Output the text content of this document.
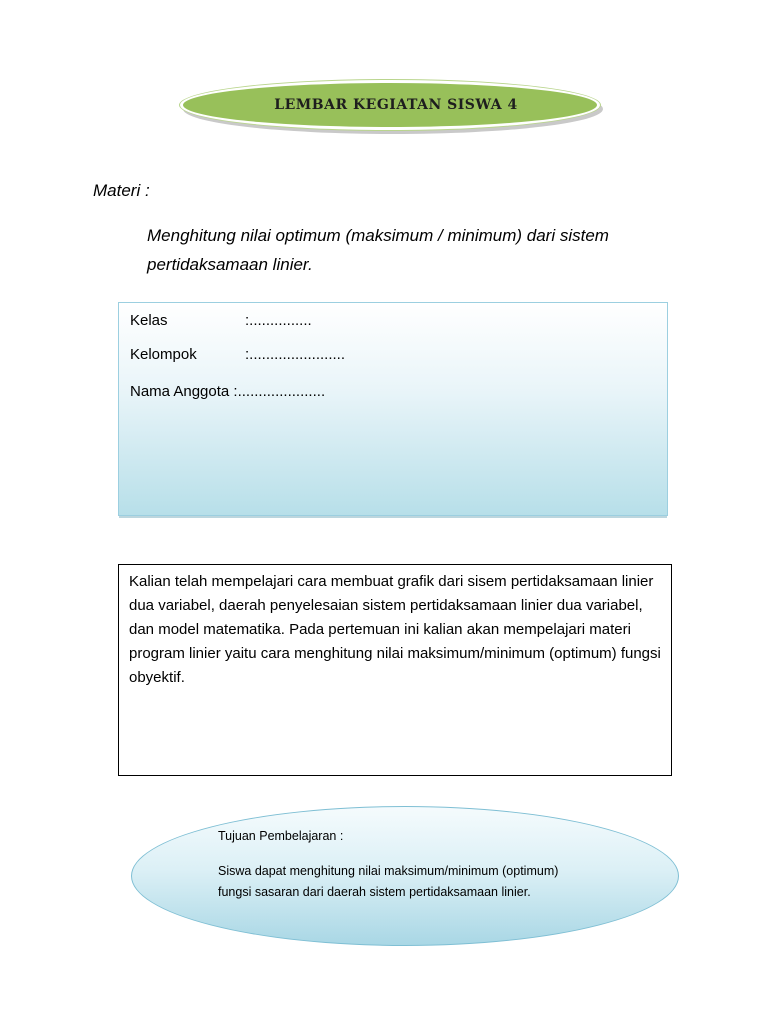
LEMBAR KEGIATAN SISWA 4
Materi :
Menghitung nilai optimum (maksimum / minimum) dari sistem pertidaksamaan linier.
Kelas	:...............
Kelompok	:.......................
Nama Anggota :.....................

Kalian telah mempelajari cara membuat grafik dari sisem pertidaksamaan linier dua variabel, daerah penyelesaian sistem pertidaksamaan linier dua variabel, dan model matematika. Pada pertemuan ini kalian akan mempelajari materi program linier yaitu cara menghitung nilai maksimum/minimum (optimum) fungsi obyektif.

Tujuan Pembelajaran :

Siswa dapat menghitung nilai maksimum/minimum (optimum) fungsi sasaran dari daerah sistem pertidaksamaan linier.
